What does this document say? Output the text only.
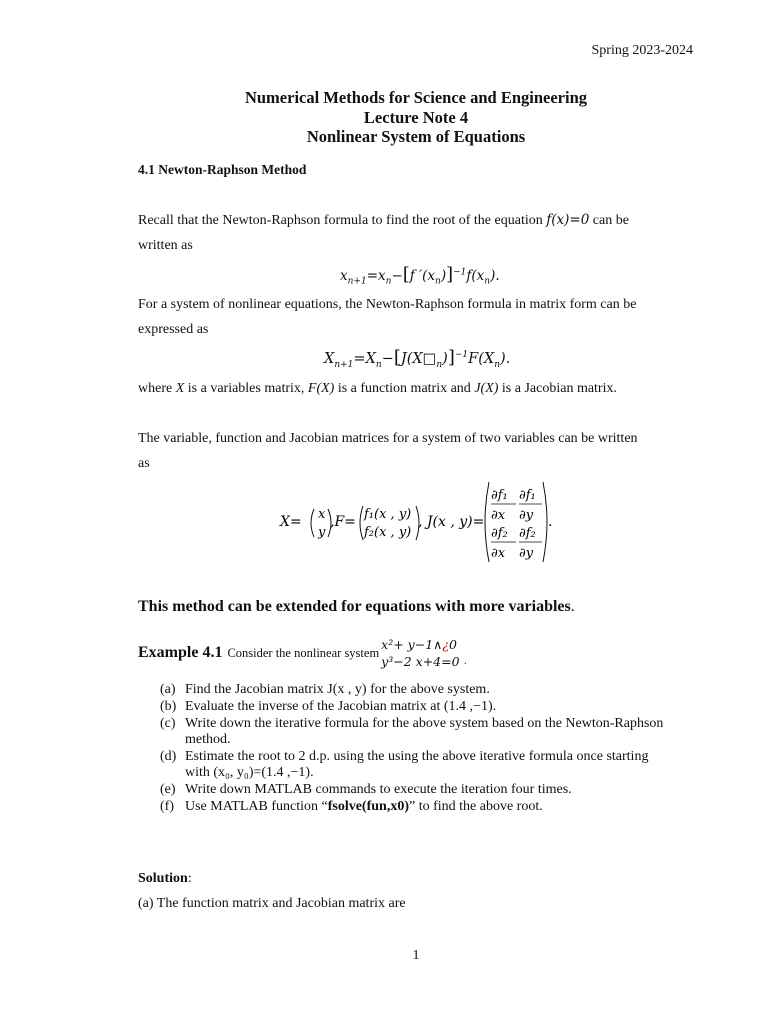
Spring 2023-2024
Numerical Methods for Science and Engineering
Lecture Note 4
Nonlinear System of Equations
4.1 Newton-Raphson Method
Recall that the Newton-Raphson formula to find the root of the equation f(x)=0 can be
written as
$x_{n+1}=x_n-[f$ $'(x_n)]^{-1}f(x_n)$.
For a system of nonlinear equations, the Newton-Raphson formula in matrix form can be
expressed as
$X_{n+1}=X_n-[J(X□_n)]^{-1}F(X_n)$.
where X is a variables matrix, F(X) is a function matrix and J(X) is a Jacobian matrix.
The variable, function and Jacobian matrices for a system of two variables can be written
as
X= x
y
,F= f₁(x , y)
f₂(x , y)
, J(x , y)=
∂f₁
∂x
∂f₁
∂y
∂f₂
∂x
∂f₂
∂y
.
This method can be extended for equations with more variables.
Example 4.1 Consider the nonlinear system
x²+ y−1∧¿0
y³−2 x+4=0 .
(a) Find the Jacobian matrix J(x , y) for the above system.
(b) Evaluate the inverse of the Jacobian matrix at (1.4 ,−1).
(c) Write down the iterative formula for the above system based on the Newton-Raphson method.
(d) Estimate the root to 2 d.p. using the using the above iterative formula once starting with (x₀, y₀)=(1.4 ,−1).
(e) Write down MATLAB commands to execute the iteration four times.
(f) Use MATLAB function “fsolve(fun,x0)” to find the above root.
Solution:
(a) The function matrix and Jacobian matrix are
1
